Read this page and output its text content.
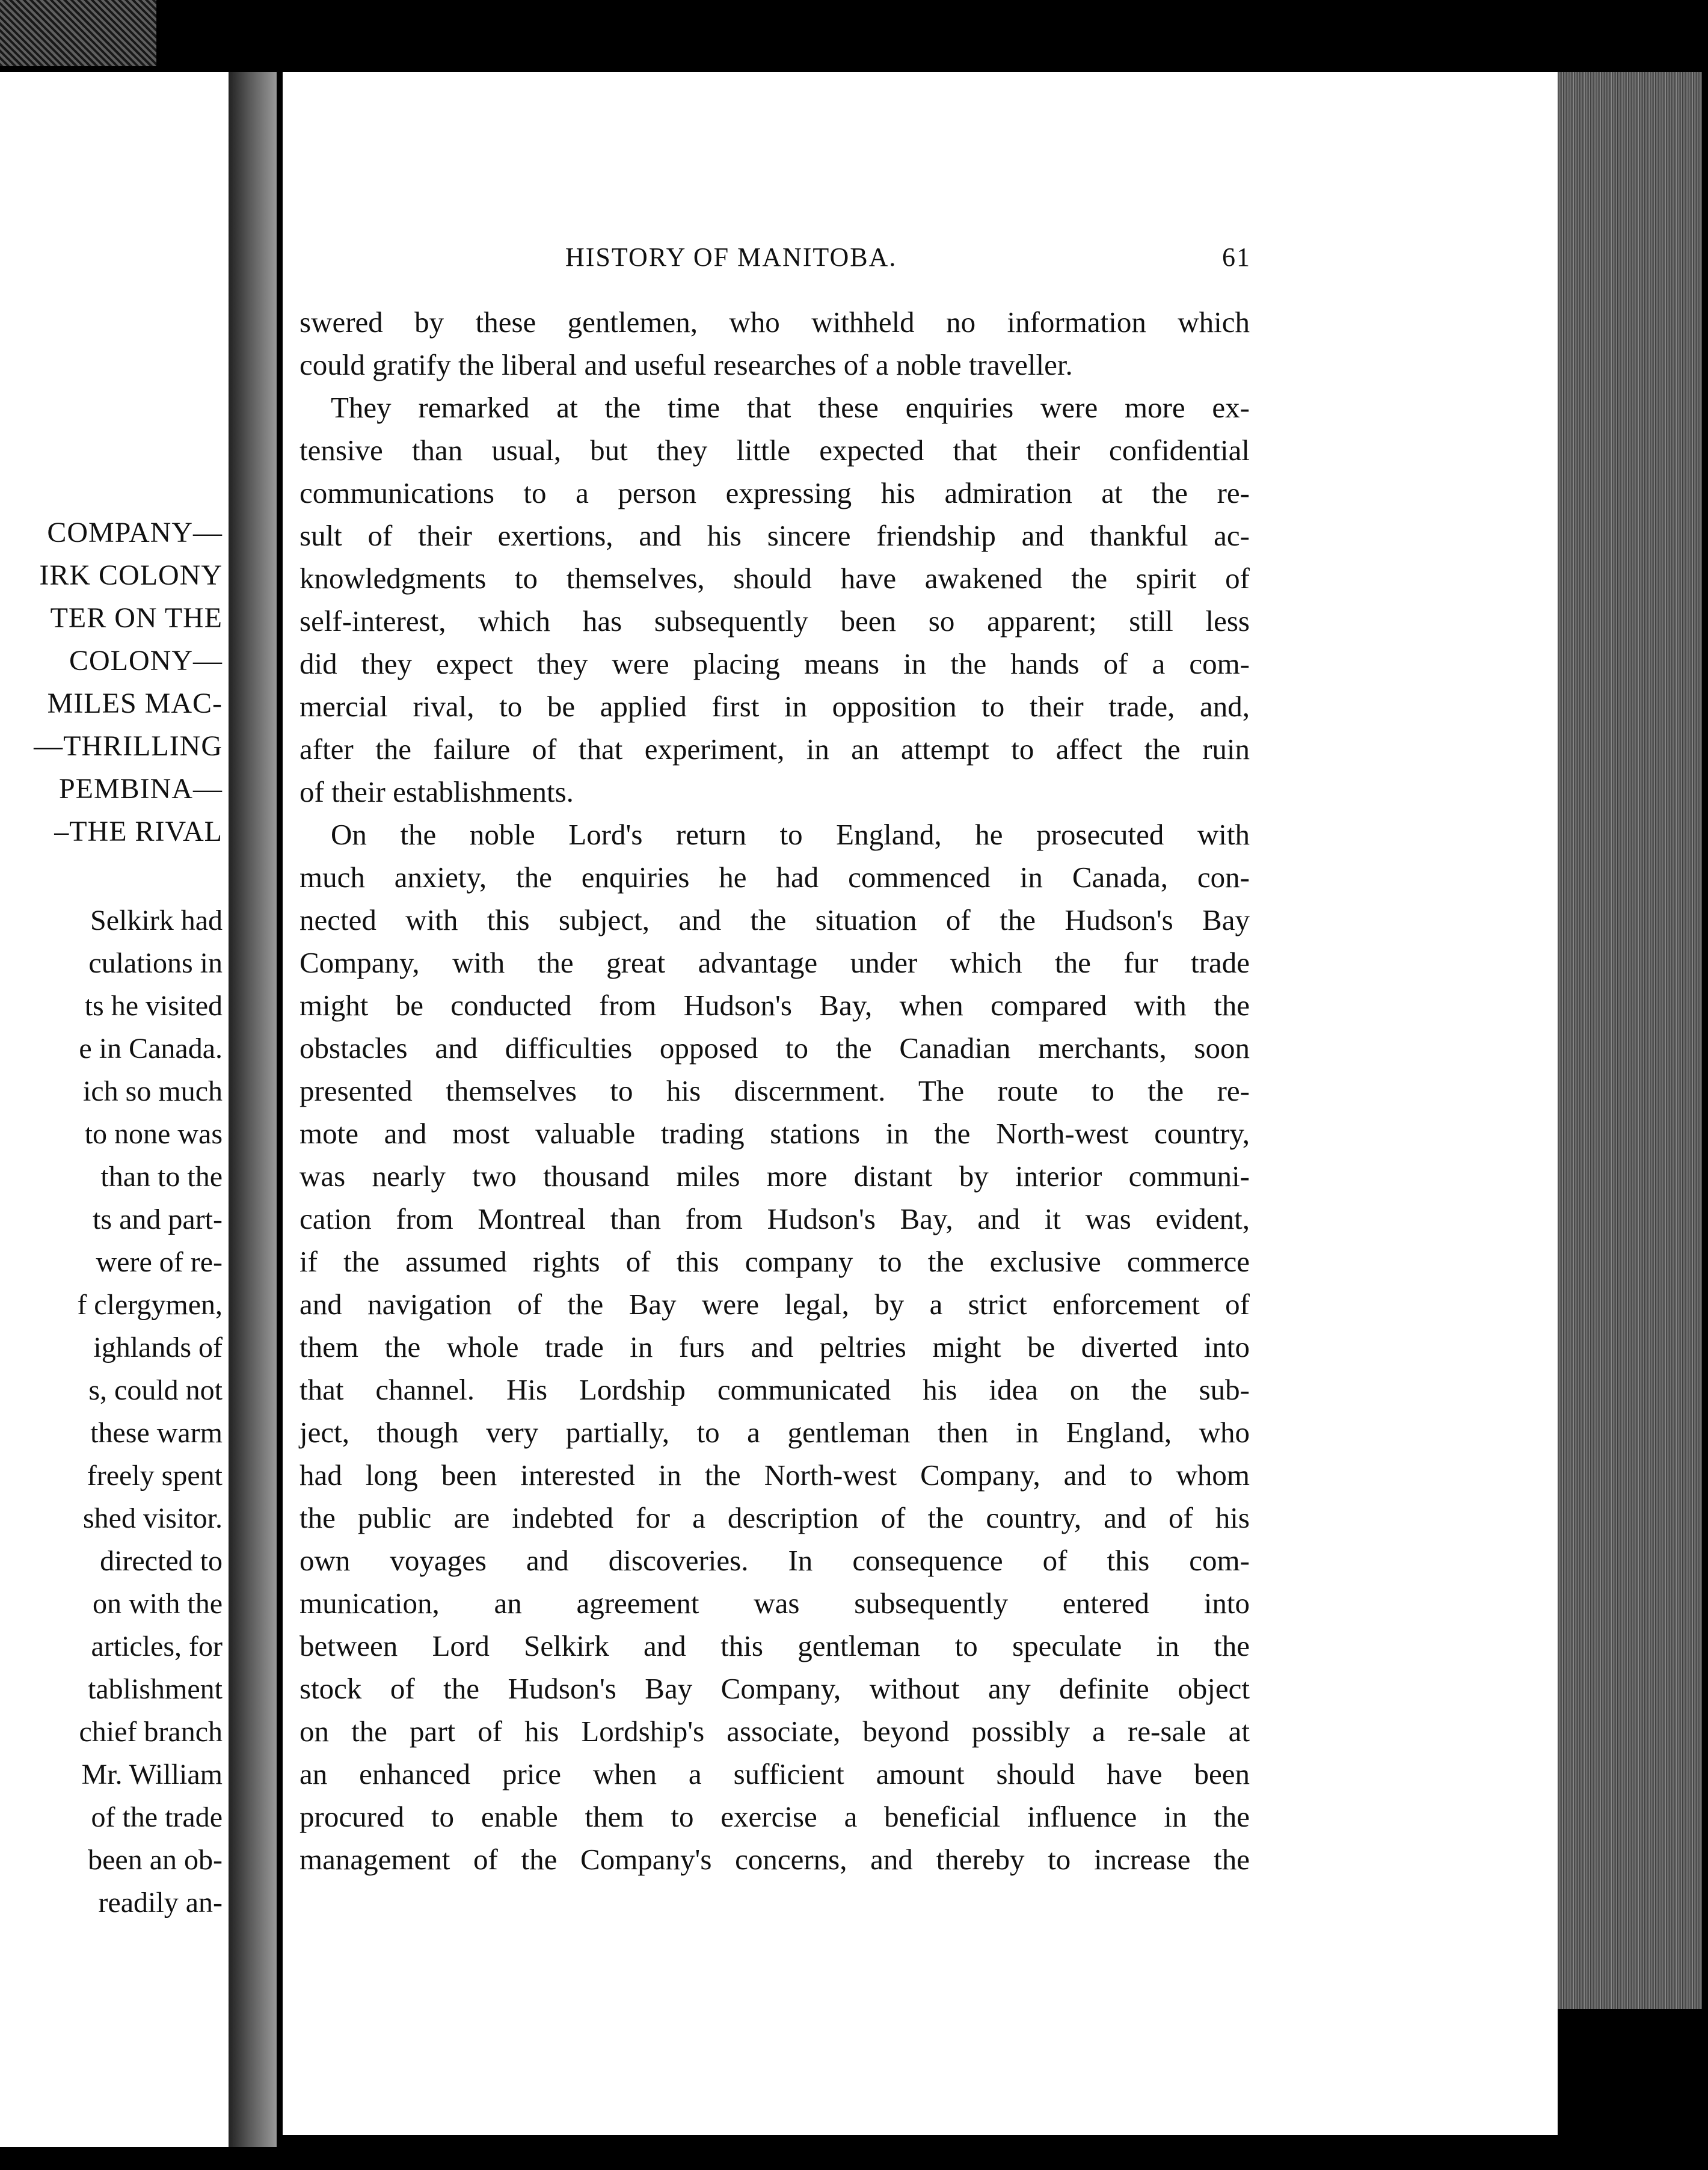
COMPANY—
IRK COLONY
TER ON THE
COLONY—
MILES MAC-
—THRILLING
PEMBINA—
–THE RIVAL
Selkirk had
culations in
ts he visited
e in Canada.
ich so much
to none was
than to the
ts and part-
were of re-
f clergymen,
ighlands of
s, could not
these warm
freely spent
shed visitor.
directed to
on with the
articles, for
tablishment
chief branch
Mr. William
of the trade
been an ob-
readily an-
HISTORY OF MANITOBA.	61
swered by these gentlemen, who withheld no information which
could gratify the liberal and useful researches of a noble traveller.
They remarked at the time that these enquiries were more ex-
tensive than usual, but they little expected that their confidential
communications to a person expressing his admiration at the re-
sult of their exertions, and his sincere friendship and thankful ac-
knowledgments to themselves, should have awakened the spirit of
self-interest, which has subsequently been so apparent; still less
did they expect they were placing means in the hands of a com-
mercial rival, to be applied first in opposition to their trade, and,
after the failure of that experiment, in an attempt to affect the ruin
of their establishments.
On the noble Lord's return to England, he prosecuted with
much anxiety, the enquiries he had commenced in Canada, con-
nected with this subject, and the situation of the Hudson's Bay
Company, with the great advantage under which the fur trade
might be conducted from Hudson's Bay, when compared with the
obstacles and difficulties opposed to the Canadian merchants, soon
presented themselves to his discernment. The route to the re-
mote and most valuable trading stations in the North-west country,
was nearly two thousand miles more distant by interior communi-
cation from Montreal than from Hudson's Bay, and it was evident,
if the assumed rights of this company to the exclusive commerce
and navigation of the Bay were legal, by a strict enforcement of
them the whole trade in furs and peltries might be diverted into
that channel. His Lordship communicated his idea on the sub-
ject, though very partially, to a gentleman then in England, who
had long been interested in the North-west Company, and to whom
the public are indebted for a description of the country, and of his
own voyages and discoveries. In consequence of this com-
munication, an agreement was subsequently entered into
between Lord Selkirk and this gentleman to speculate in the
stock of the Hudson's Bay Company, without any definite object
on the part of his Lordship's associate, beyond possibly a re-sale at
an enhanced price when a sufficient amount should have been
procured to enable them to exercise a beneficial influence in the
management of the Company's concerns, and thereby to increase the
